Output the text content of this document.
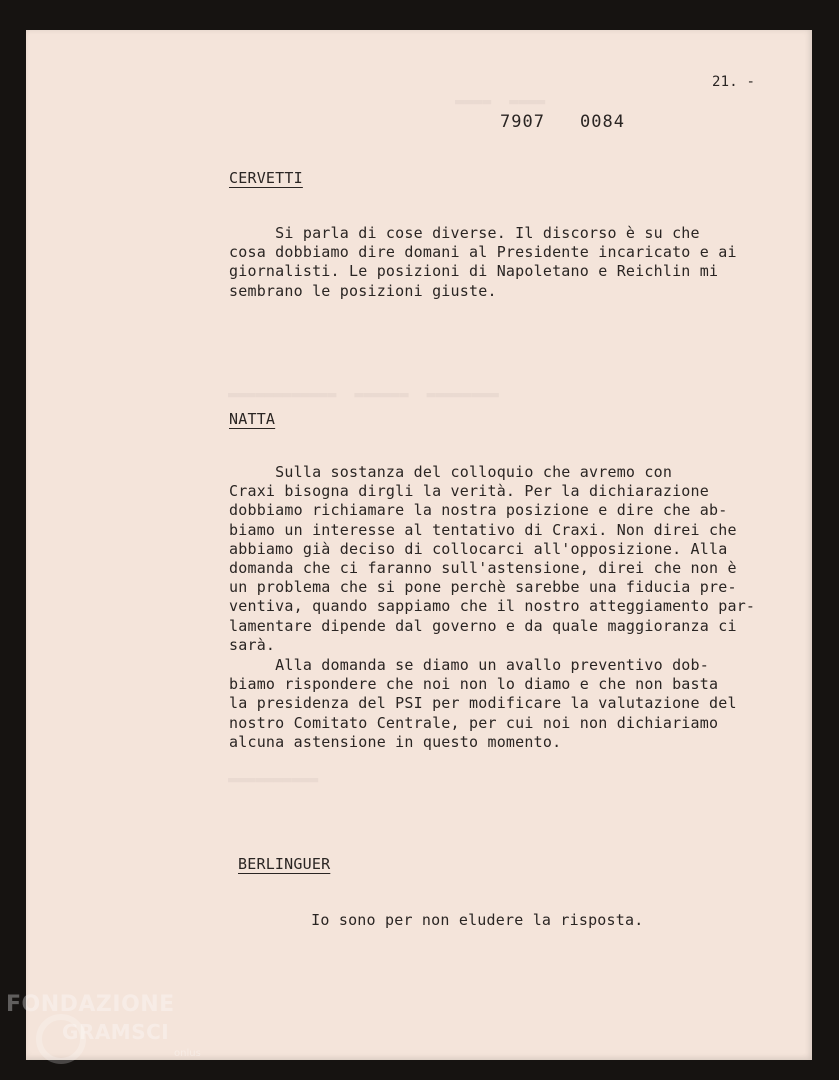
▬▬▬▬  ▬▬▬▬
▬▬▬▬▬▬▬▬▬▬▬▬  ▬▬▬▬▬▬  ▬▬▬▬▬▬▬▬
▬▬▬▬▬▬▬▬▬▬
21. -
7907 0084
CERVETTI
Si parla di cose diverse. Il discorso è su che
cosa dobbiamo dire domani al Presidente incaricato e ai
giornalisti. Le posizioni di Napoletano e Reichlin mi
sembrano le posizioni giuste.
NATTA
Sulla sostanza del colloquio che avremo con
Craxi bisogna dirgli la verità. Per la dichiarazione
dobbiamo richiamare la nostra posizione e dire che ab-
biamo un interesse al tentativo di Craxi. Non direi che
abbiamo già deciso di collocarci all'opposizione. Alla
domanda che ci faranno sull'astensione, direi che non è
un problema che si pone perchè sarebbe una fiducia pre-
ventiva, quando sappiamo che il nostro atteggiamento par-
lamentare dipende dal governo e da quale maggioranza ci
sarà.
Alla domanda se diamo un avallo preventivo dob-
biamo rispondere che noi non lo diamo e che non basta
la presidenza del PSI per modificare la valutazione del
nostro Comitato Centrale, per cui noi non dichiariamo
alcuna astensione in questo momento.
BERLINGUER
Io sono per non eludere la risposta.
FONDAZIONE
GRAMSCI
onlus
